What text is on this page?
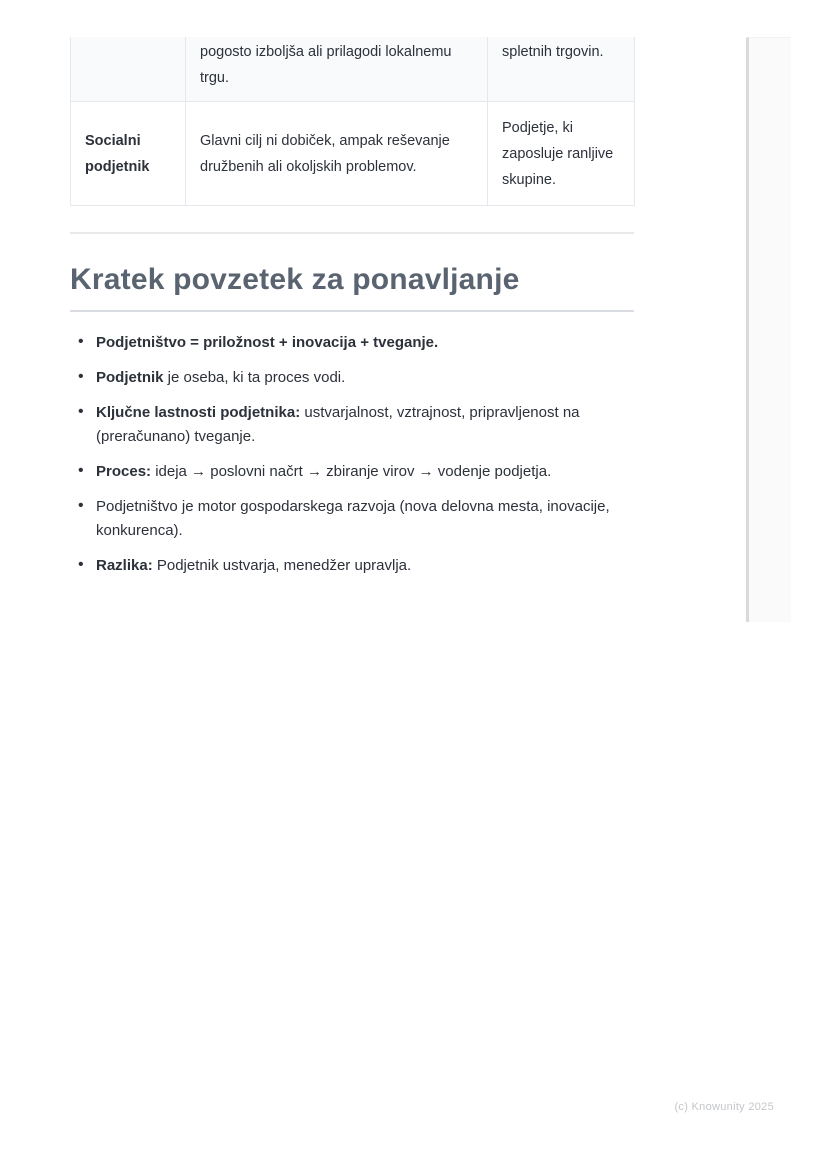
	pogosto izboljša ali prilagodi lokalnemu trgu.	spletnih trgovin.
Socialni podjetnik	Glavni cilj ni dobiček, ampak reševanje družbenih ali okoljskih problemov.	Podjetje, ki zaposluje ranljive skupine.
Kratek povzetek za ponavljanje
• Podjetništvo = priložnost + inovacija + tveganje.
• Podjetnik je oseba, ki ta proces vodi.
• Ključne lastnosti podjetnika: ustvarjalnost, vztrajnost, pripravljenost na (preračunano) tveganje.
• Proces: ideja → poslovni načrt → zbiranje virov → vodenje podjetja.
• Podjetništvo je motor gospodarskega razvoja (nova delovna mesta, inovacije, konkurenca).
• Razlika: Podjetnik ustvarja, menedžer upravlja.
(c) Knowunity 2025
